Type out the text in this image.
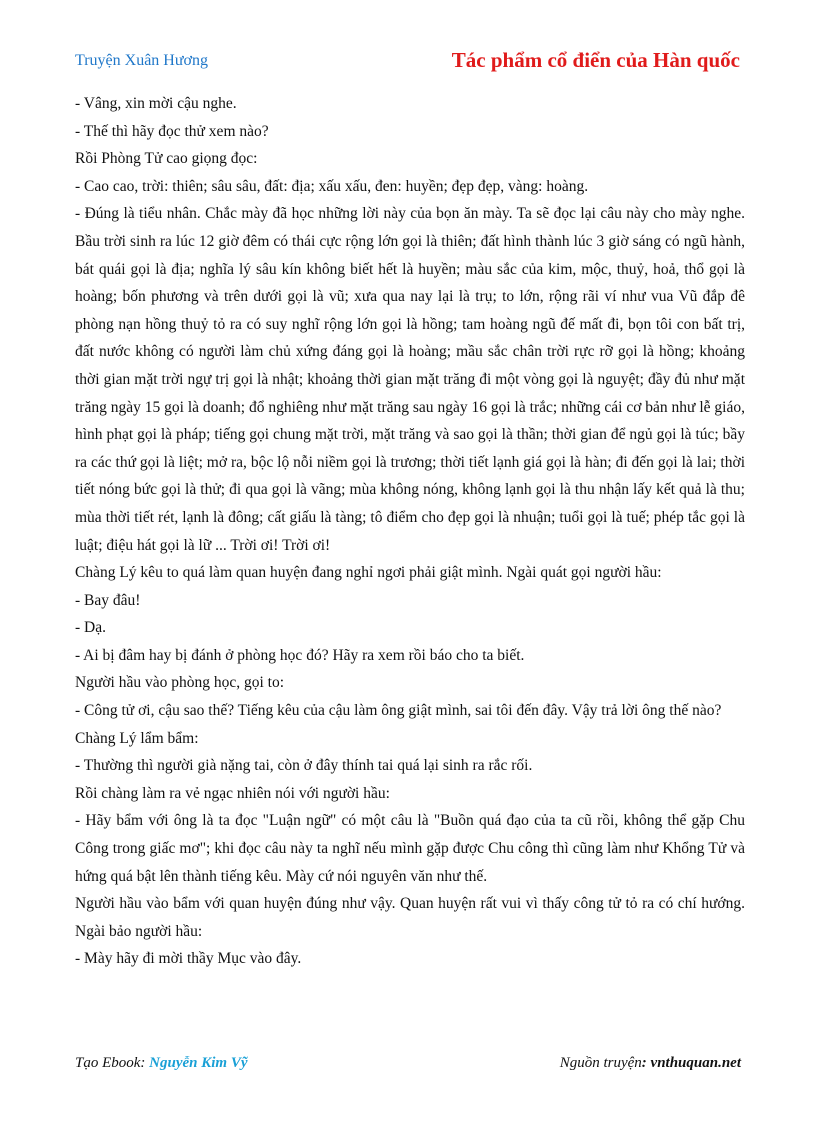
Truyện Xuân Hương	Tác phẩm cổ điển của Hàn quốc

- Vâng, xin mời cậu nghe.

- Thế thì hãy đọc thử xem nào?

Rồi Phòng Tử cao giọng đọc:

- Cao cao, trời: thiên; sâu sâu, đất: địa; xấu xấu, đen: huyền; đẹp đẹp, vàng: hoàng.

- Đúng là tiểu nhân. Chắc mày đã học những lời này của bọn ăn mày. Ta sẽ đọc lại câu này cho mày nghe. Bầu trời sinh ra lúc 12 giờ đêm có thái cực rộng lớn gọi là thiên; đất hình thành lúc 3 giờ sáng có ngũ hành, bát quái gọi là địa; nghĩa lý sâu kín không biết hết là huyền; màu sắc của kim, mộc, thuỷ, hoả, thổ gọi là hoàng; bốn phương và trên dưới gọi là vũ; xưa qua nay lại là trụ; to lớn, rộng rãi ví như vua Vũ đắp đê phòng nạn hồng thuỷ tỏ ra có suy nghĩ rộng lớn gọi là hồng; tam hoàng ngũ đế mất đi, bọn tôi con bất trị, đất nước không có người làm chủ xứng đáng gọi là hoàng; mầu sắc chân trời rực rỡ gọi là hồng; khoảng thời gian mặt trời ngự trị gọi là nhật; khoảng thời gian mặt trăng đi một vòng gọi là nguyệt; đầy đủ như mặt trăng ngày 15 gọi là doanh; đổ nghiêng như mặt trăng sau ngày 16 gọi là trắc; những cái cơ bản như lễ giáo, hình phạt gọi là pháp; tiếng gọi chung mặt trời, mặt trăng và sao gọi là thần; thời gian để ngủ gọi là túc; bầy ra các thứ gọi là liệt; mở ra, bộc lộ nỗi niềm gọi là trương; thời tiết lạnh giá gọi là hàn; đi đến gọi là lai; thời tiết nóng bức gọi là thử; đi qua gọi là vãng; mùa không nóng, không lạnh gọi là thu nhận lấy kết quả là thu; mùa thời tiết rét, lạnh là đông; cất giấu là tàng; tô điểm cho đẹp gọi là nhuận; tuổi gọi là tuế; phép tắc gọi là luật; điệu hát gọi là lữ ... Trời ơi! Trời ơi!

Chàng Lý kêu to quá làm quan huyện đang nghỉ ngơi phải giật mình. Ngài quát gọi người hầu:

- Bay đâu!

- Dạ.

- Ai bị đâm hay bị đánh ở phòng học đó? Hãy ra xem rồi báo cho ta biết.

Người hầu vào phòng học, gọi to:

- Công tử ơi, cậu sao thế? Tiếng kêu của cậu làm ông giật mình, sai tôi đến đây. Vậy trả lời ông thế nào?

Chàng Lý lẩm bẩm:

- Thường thì người già nặng tai, còn ở đây thính tai quá lại sinh ra rắc rối.

Rồi chàng làm ra vẻ ngạc nhiên nói với người hầu:

- Hãy bẩm với ông là ta đọc "Luận ngữ" có một câu là "Buồn quá đạo của ta cũ rồi, không thể gặp Chu Công trong giấc mơ"; khi đọc câu này ta nghĩ nếu mình gặp được Chu công thì cũng làm như Khổng Tử và hứng quá bật lên thành tiếng kêu. Mày cứ nói nguyên văn như thế.

Người hầu vào bẩm với quan huyện đúng như vậy. Quan huyện rất vui vì thấy công tử tỏ ra có chí hướng. Ngài bảo người hầu:

- Mày hãy đi mời thầy Mục vào đây.

Tạo Ebook: Nguyễn Kim Vỹ	Nguồn truyện: vnthuquan.net
